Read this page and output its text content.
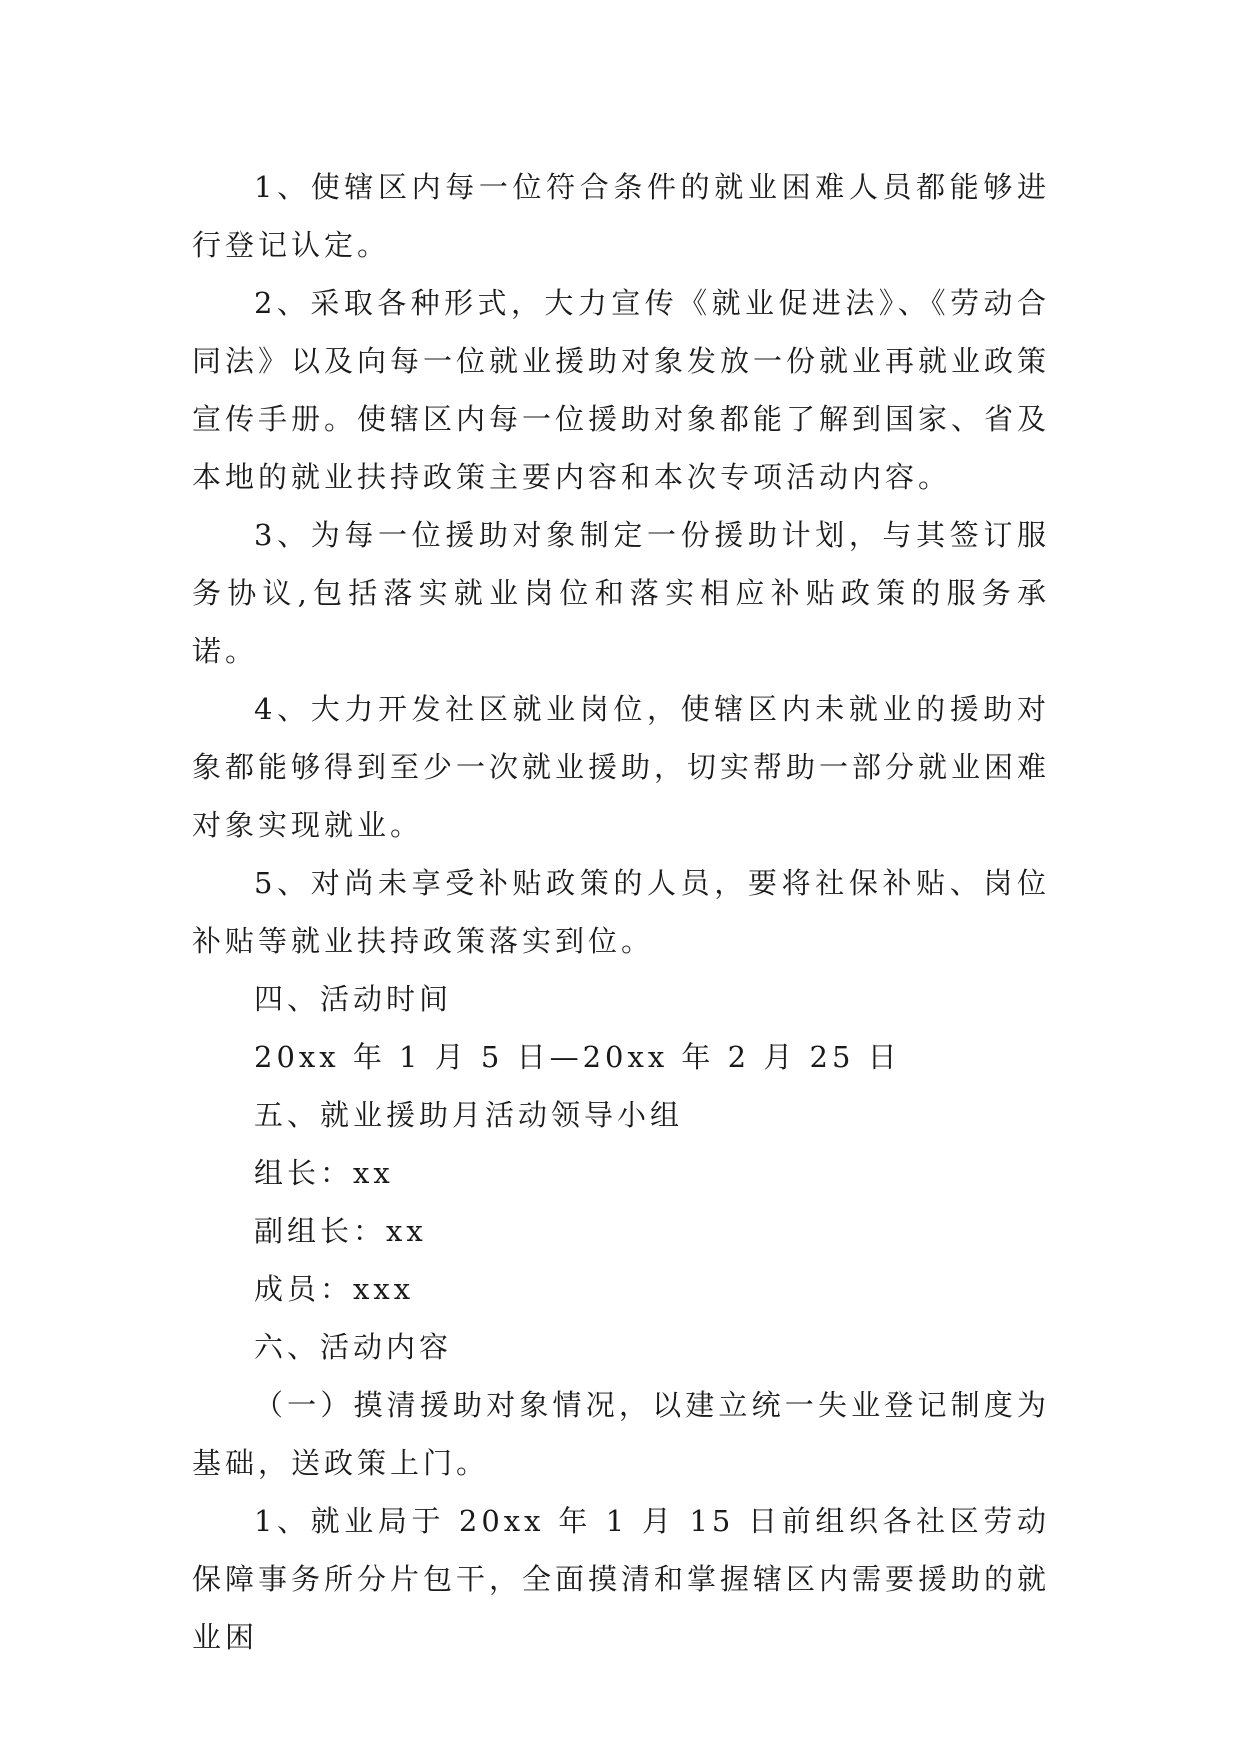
1、使辖区内每一位符合条件的就业困难人员都能够进行登记认定。

2、采取各种形式，大力宣传《就业促进法》、《劳动合同法》以及向每一位就业援助对象发放一份就业再就业政策宣传手册。使辖区内每一位援助对象都能了解到国家、省及本地的就业扶持政策主要内容和本次专项活动内容。

3、为每一位援助对象制定一份援助计划，与其签订服务协议,包括落实就业岗位和落实相应补贴政策的服务承诺。

4、大力开发社区就业岗位，使辖区内未就业的援助对象都能够得到至少一次就业援助，切实帮助一部分就业困难对象实现就业。

5、对尚未享受补贴政策的人员，要将社保补贴、岗位补贴等就业扶持政策落实到位。

四、活动时间

20xx 年 1 月 5 日—20xx 年 2 月 25 日

五、就业援助月活动领导小组

组长：xx

副组长：xx

成员：xxx

六、活动内容

（一）摸清援助对象情况，以建立统一失业登记制度为基础，送政策上门。

1、就业局于 20xx 年 1 月 15 日前组织各社区劳动保障事务所分片包干，全面摸清和掌握辖区内需要援助的就业困
